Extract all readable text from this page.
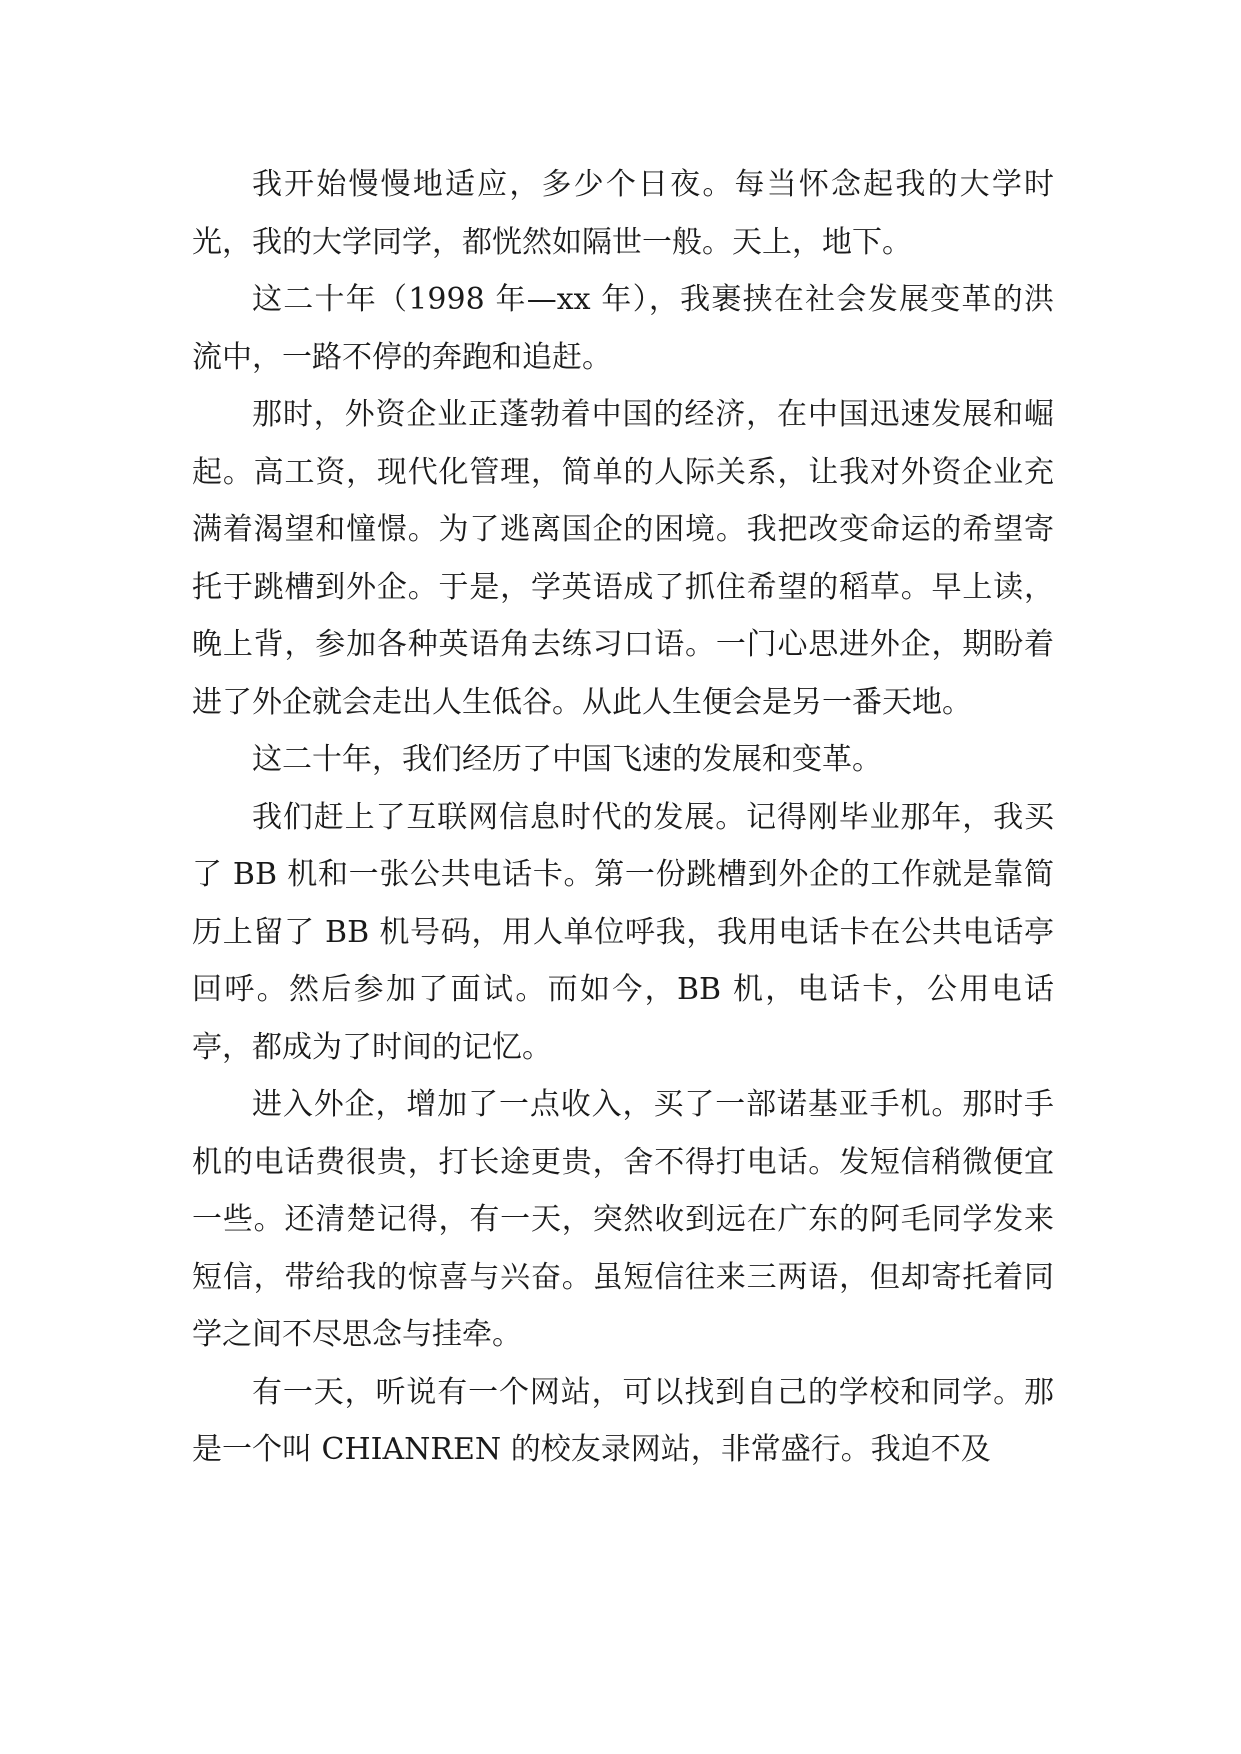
我开始慢慢地适应，多少个日夜。每当怀念起我的大学时光，我的大学同学，都恍然如隔世一般。天上，地下。

这二十年（1998 年—xx 年），我裹挟在社会发展变革的洪流中，一路不停的奔跑和追赶。

那时，外资企业正蓬勃着中国的经济，在中国迅速发展和崛起。高工资，现代化管理，简单的人际关系，让我对外资企业充满着渴望和憧憬。为了逃离国企的困境。我把改变命运的希望寄托于跳槽到外企。于是，学英语成了抓住希望的稻草。早上读，晚上背，参加各种英语角去练习口语。一门心思进外企，期盼着进了外企就会走出人生低谷。从此人生便会是另一番天地。

这二十年，我们经历了中国飞速的发展和变革。

我们赶上了互联网信息时代的发展。记得刚毕业那年，我买了 BB 机和一张公共电话卡。第一份跳槽到外企的工作就是靠简历上留了 BB 机号码，用人单位呼我，我用电话卡在公共电话亭回呼。然后参加了面试。而如今，BB 机，电话卡，公用电话亭，都成为了时间的记忆。

进入外企，增加了一点收入，买了一部诺基亚手机。那时手机的电话费很贵，打长途更贵，舍不得打电话。发短信稍微便宜一些。还清楚记得，有一天，突然收到远在广东的阿毛同学发来短信，带给我的惊喜与兴奋。虽短信往来三两语，但却寄托着同学之间不尽思念与挂牵。

有一天，听说有一个网站，可以找到自己的学校和同学。那是一个叫 CHIANREN 的校友录网站，非常盛行。我迫不及
